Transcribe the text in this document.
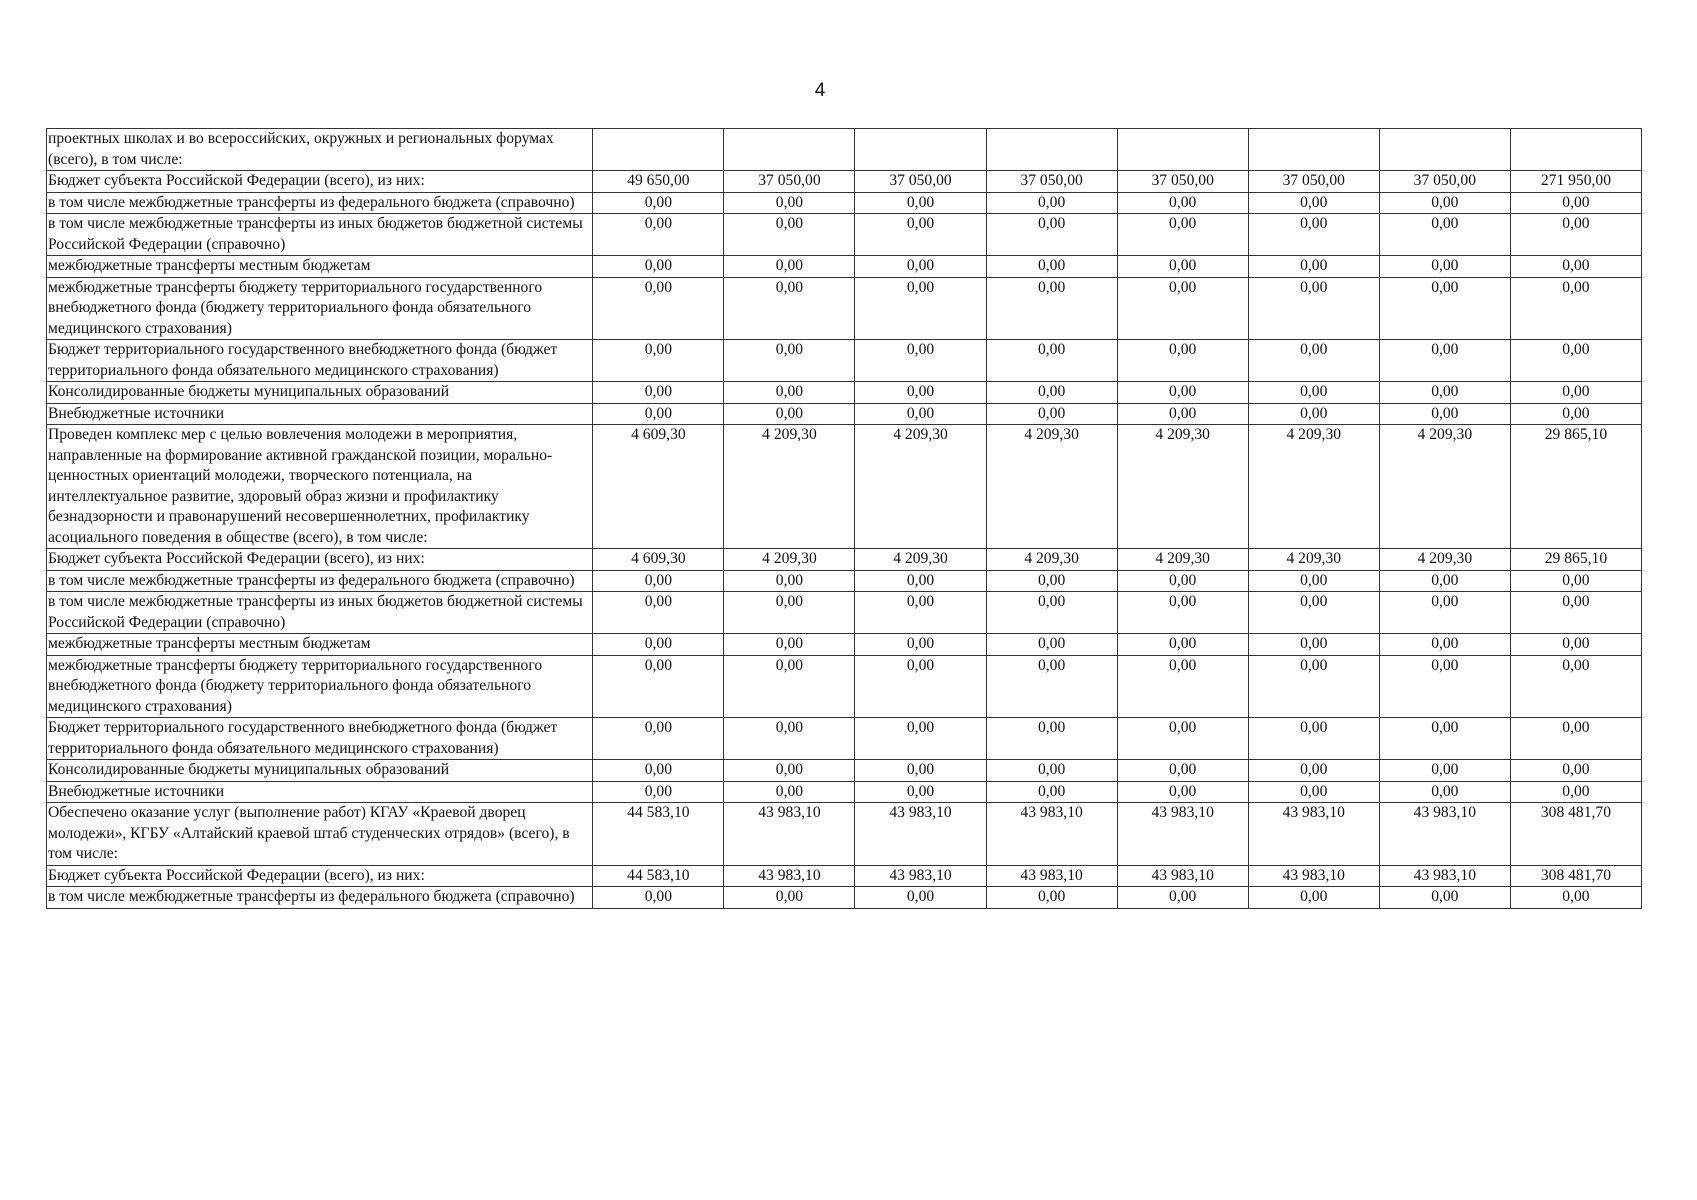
4
проектных школах и во всероссийских, окружных и региональных форумах (всего), в том числе:								
Бюджет субъекта Российской Федерации (всего), из них:	49 650,00	37 050,00	37 050,00	37 050,00	37 050,00	37 050,00	37 050,00	271 950,00
в том числе межбюджетные трансферты из федерального бюджета (справочно)	0,00	0,00	0,00	0,00	0,00	0,00	0,00	0,00
в том числе межбюджетные трансферты из иных бюджетов бюджетной системы Российской Федерации (справочно)	0,00	0,00	0,00	0,00	0,00	0,00	0,00	0,00
межбюджетные трансферты местным бюджетам	0,00	0,00	0,00	0,00	0,00	0,00	0,00	0,00
межбюджетные трансферты бюджету территориального государственного внебюджетного фонда (бюджету территориального фонда обязательного медицинского страхования)	0,00	0,00	0,00	0,00	0,00	0,00	0,00	0,00
Бюджет территориального государственного внебюджетного фонда (бюджет территориального фонда обязательного медицинского страхования)	0,00	0,00	0,00	0,00	0,00	0,00	0,00	0,00
Консолидированные бюджеты муниципальных образований	0,00	0,00	0,00	0,00	0,00	0,00	0,00	0,00
Внебюджетные источники	0,00	0,00	0,00	0,00	0,00	0,00	0,00	0,00
Проведен комплекс мер с целью вовлечения молодежи в мероприятия, направленные на формирование активной гражданской позиции, морально-ценностных ориентаций молодежи, творческого потенциала, на интеллектуальное развитие, здоровый образ жизни и профилактику безнадзорности и правонарушений несовершеннолетних, профилактику асоциального поведения в обществе (всего), в том числе:	4 609,30	4 209,30	4 209,30	4 209,30	4 209,30	4 209,30	4 209,30	29 865,10
Бюджет субъекта Российской Федерации (всего), из них:	4 609,30	4 209,30	4 209,30	4 209,30	4 209,30	4 209,30	4 209,30	29 865,10
в том числе межбюджетные трансферты из федерального бюджета (справочно)	0,00	0,00	0,00	0,00	0,00	0,00	0,00	0,00
в том числе межбюджетные трансферты из иных бюджетов бюджетной системы Российской Федерации (справочно)	0,00	0,00	0,00	0,00	0,00	0,00	0,00	0,00
межбюджетные трансферты местным бюджетам	0,00	0,00	0,00	0,00	0,00	0,00	0,00	0,00
межбюджетные трансферты бюджету территориального государственного внебюджетного фонда (бюджету территориального фонда обязательного медицинского страхования)	0,00	0,00	0,00	0,00	0,00	0,00	0,00	0,00
Бюджет территориального государственного внебюджетного фонда (бюджет территориального фонда обязательного медицинского страхования)	0,00	0,00	0,00	0,00	0,00	0,00	0,00	0,00
Консолидированные бюджеты муниципальных образований	0,00	0,00	0,00	0,00	0,00	0,00	0,00	0,00
Внебюджетные источники	0,00	0,00	0,00	0,00	0,00	0,00	0,00	0,00
Обеспечено оказание услуг (выполнение работ) КГАУ «Краевой дворец молодежи», КГБУ «Алтайский краевой штаб студенческих отрядов» (всего), в том числе:	44 583,10	43 983,10	43 983,10	43 983,10	43 983,10	43 983,10	43 983,10	308 481,70
Бюджет субъекта Российской Федерации (всего), из них:	44 583,10	43 983,10	43 983,10	43 983,10	43 983,10	43 983,10	43 983,10	308 481,70
в том числе межбюджетные трансферты из федерального бюджета (справочно)	0,00	0,00	0,00	0,00	0,00	0,00	0,00	0,00
